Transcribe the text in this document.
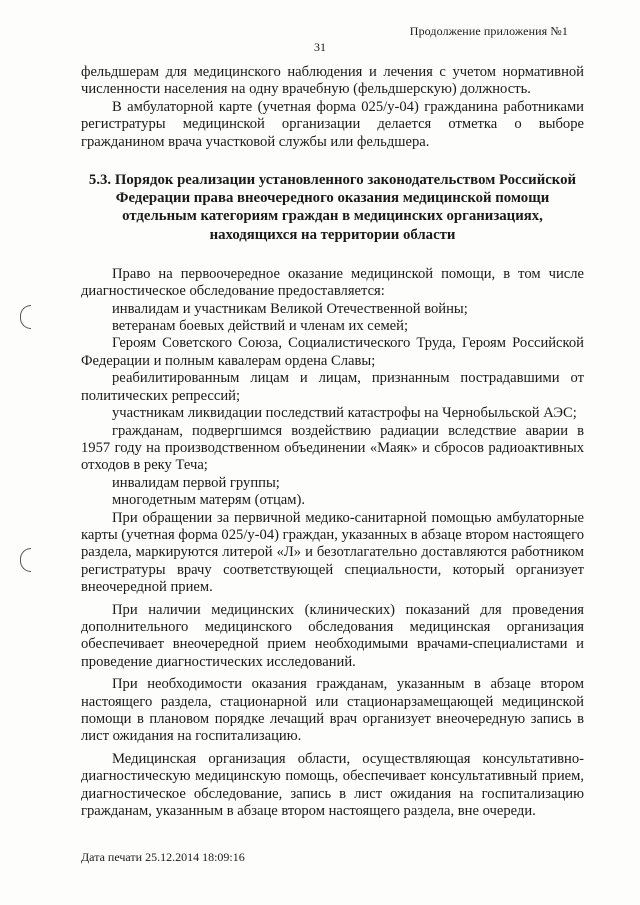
Продолжение приложения №1
31

фельдшерам для медицинского наблюдения и лечения с учетом нормативной численности населения на одну врачебную (фельдшерскую) должность.

В амбулаторной карте (учетная форма 025/у-04) гражданина работниками регистратуры медицинской организации делается отметка о выборе гражданином врача участковой службы или фельдшера.

5.3. Порядок реализации установленного законодательством Российской Федерации права внеочередного оказания медицинской помощи отдельным категориям граждан в медицинских организациях, находящихся на территории области

Право на первоочередное оказание медицинской помощи, в том числе диагностическое обследование предоставляется:

инвалидам и участникам Великой Отечественной войны;

ветеранам боевых действий и членам их семей;

Героям Советского Союза, Социалистического Труда, Героям Российской Федерации и полным кавалерам ордена Славы;

реабилитированным лицам и лицам, признанным пострадавшими от политических репрессий;

участникам ликвидации последствий катастрофы на Чернобыльской АЭС;

гражданам, подвергшимся воздействию радиации вследствие аварии в 1957 году на производственном объединении «Маяк» и сбросов радиоактивных отходов в реку Теча;

инвалидам первой группы;

многодетным матерям (отцам).

При обращении за первичной медико-санитарной помощью амбулаторные карты (учетная форма 025/у-04) граждан, указанных в абзаце втором настоящего раздела, маркируются литерой «Л» и безотлагательно доставляются работником регистратуры врачу соответствующей специальности, который организует внеочередной прием.

При наличии медицинских (клинических) показаний для проведения дополнительного медицинского обследования медицинская организация обеспечивает внеочередной прием необходимыми врачами-специалистами и проведение диагностических исследований.

При необходимости оказания гражданам, указанным в абзаце втором настоящего раздела, стационарной или стационарзамещающей медицинской помощи в плановом порядке лечащий врач организует внеочередную запись в лист ожидания на госпитализацию.

Медицинская организация области, осуществляющая консультативно-диагностическую медицинскую помощь, обеспечивает консультативный прием, диагностическое обследование, запись в лист ожидания на госпитализацию гражданам, указанным в абзаце втором настоящего раздела, вне очереди.

Дата печати 25.12.2014 18:09:16
